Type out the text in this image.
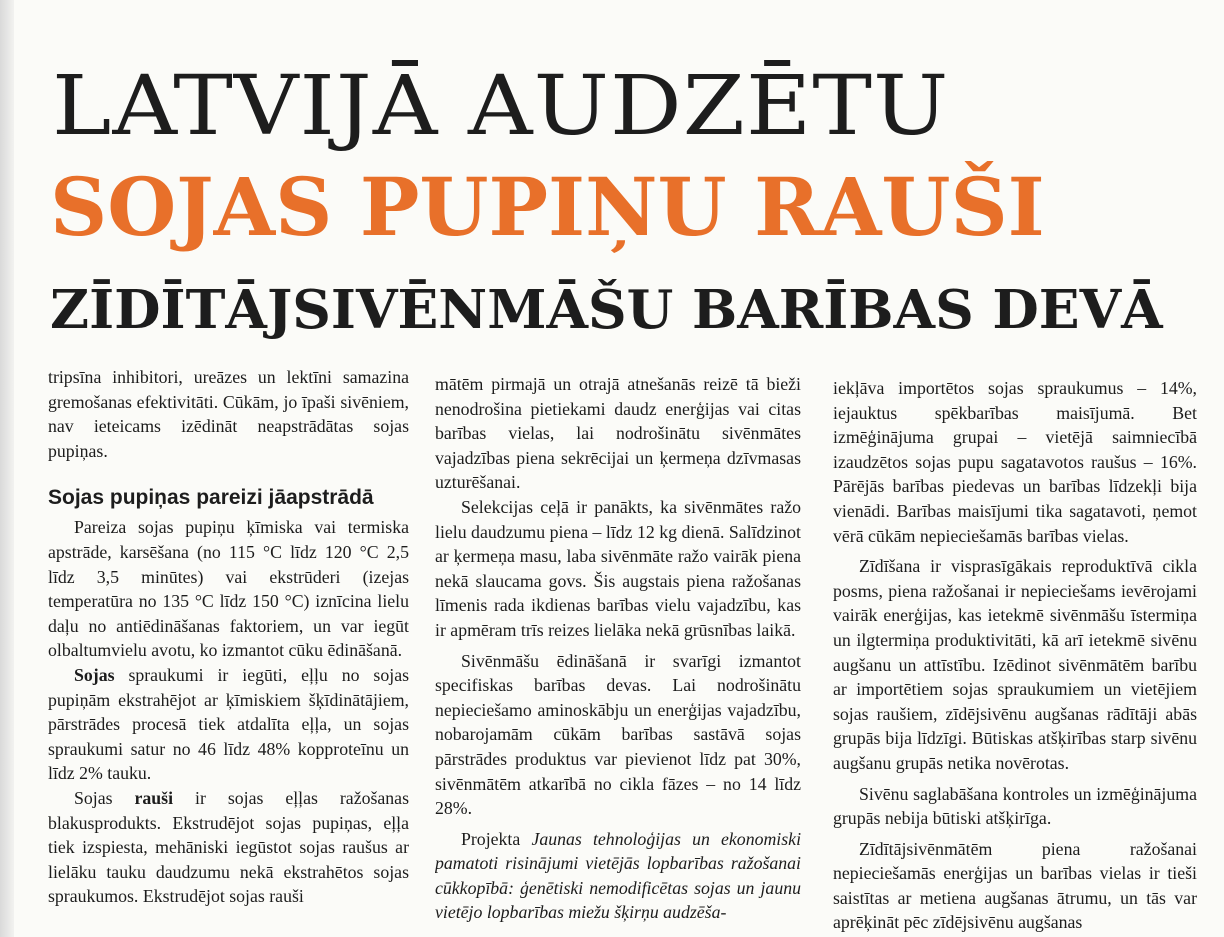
LATVIJĀ AUDZĒTU
SOJAS PUPIŅU RAUŠI
ZĪDĪTĀJSIVĒNMĀŠU BARĪBAS DEVĀ

tripsīna inhibitori, ureāzes un lektīni samazina gremošanas efektivitāti. Cūkām, jo īpaši sivēniem, nav ieteicams izēdināt neapstrādātas sojas pupiņas.

Sojas pupiņas pareizi jāapstrādā

Pareiza sojas pupiņu ķīmiska vai termiska apstrāde, karsēšana (no 115 °C līdz 120 °C 2,5 līdz 3,5 minūtes) vai ekstrūderi (izejas temperatūra no 135 °C līdz 150 °C) iznīcina lielu daļu no antiēdināšanas faktoriem, un var iegūt olbaltumvielu avotu, ko izmantot cūku ēdināšanā.

Sojas spraukumi ir iegūti, eļļu no sojas pupiņām ekstrahējot ar ķīmiskiem šķīdinātājiem, pārstrādes procesā tiek atdalīta eļļa, un sojas spraukumi satur no 46 līdz 48% kopproteīnu un līdz 2% tauku.

Sojas rauši ir sojas eļļas ražošanas blakusprodukts. Ekstrudējot sojas pupiņas, eļļa tiek izspiesta, mehāniski iegūstot sojas raušus ar lielāku tauku daudzumu nekā ekstrahētos sojas spraukumos. Ekstrudējot sojas rauši

mātēm pirmajā un otrajā atnešanās reizē tā bieži nenodrošina pietiekami daudz enerģijas vai citas barības vielas, lai nodrošinātu sivēnmātes vajadzības piena sekrēcijai un ķermeņa dzīvmasas uzturēšanai.

Selekcijas ceļā ir panākts, ka sivēnmātes ražo lielu daudzumu piena – līdz 12 kg dienā. Salīdzinot ar ķermeņa masu, laba sivēnmāte ražo vairāk piena nekā slaucama govs. Šis augstais piena ražošanas līmenis rada ikdienas barības vielu vajadzību, kas ir apmēram trīs reizes lielāka nekā grūsnības laikā.

Sivēnmāšu ēdināšanā ir svarīgi izmantot specifiskas barības devas. Lai nodrošinātu nepieciešamo aminoskābju un enerģijas vajadzību, nobarojamām cūkām barības sastāvā sojas pārstrādes produktus var pievienot līdz pat 30%, sivēnmātēm atkarībā no cikla fāzes – no 14 līdz 28%.

Projekta Jaunas tehnoloģijas un ekonomiski pamatoti risinājumi vietējās lopbarības ražošanai cūkkopībā: ģenētiski nemodificētas sojas un jaunu vietējo lopbarības miežu šķirņu audzēša-

iekļāva importētos sojas spraukumus – 14%, iejauktus spēkbarības maisījumā. Bet izmēģinājuma grupai – vietējā saimniecībā izaudzētos sojas pupu sagatavotos raušus – 16%. Pārējās barības piedevas un barības līdzekļi bija vienādi. Barības maisījumi tika sagatavoti, ņemot vērā cūkām nepieciešamās barības vielas.

Zīdīšana ir visprasīgākais reproduktīvā cikla posms, piena ražošanai ir nepieciešams ievērojami vairāk enerģijas, kas ietekmē sivēnmāšu īstermiņa un ilgtermiņa produktivitāti, kā arī ietekmē sivēnu augšanu un attīstību. Izēdinot sivēnmātēm barību ar importētiem sojas spraukumiem un vietējiem sojas raušiem, zīdējsivēnu augšanas rādītāji abās grupās bija līdzīgi. Būtiskas atšķirības starp sivēnu augšanu grupās netika novērotas.

Sivēnu saglabāšana kontroles un izmēģinājuma grupās nebija būtiski atšķirīga.

Zīdītājsivēnmātēm piena ražošanai nepieciešamās enerģijas un barības vielas ir tieši saistītas ar metiena augšanas ātrumu, un tās var aprēķināt pēc zīdējsivēnu augšanas
